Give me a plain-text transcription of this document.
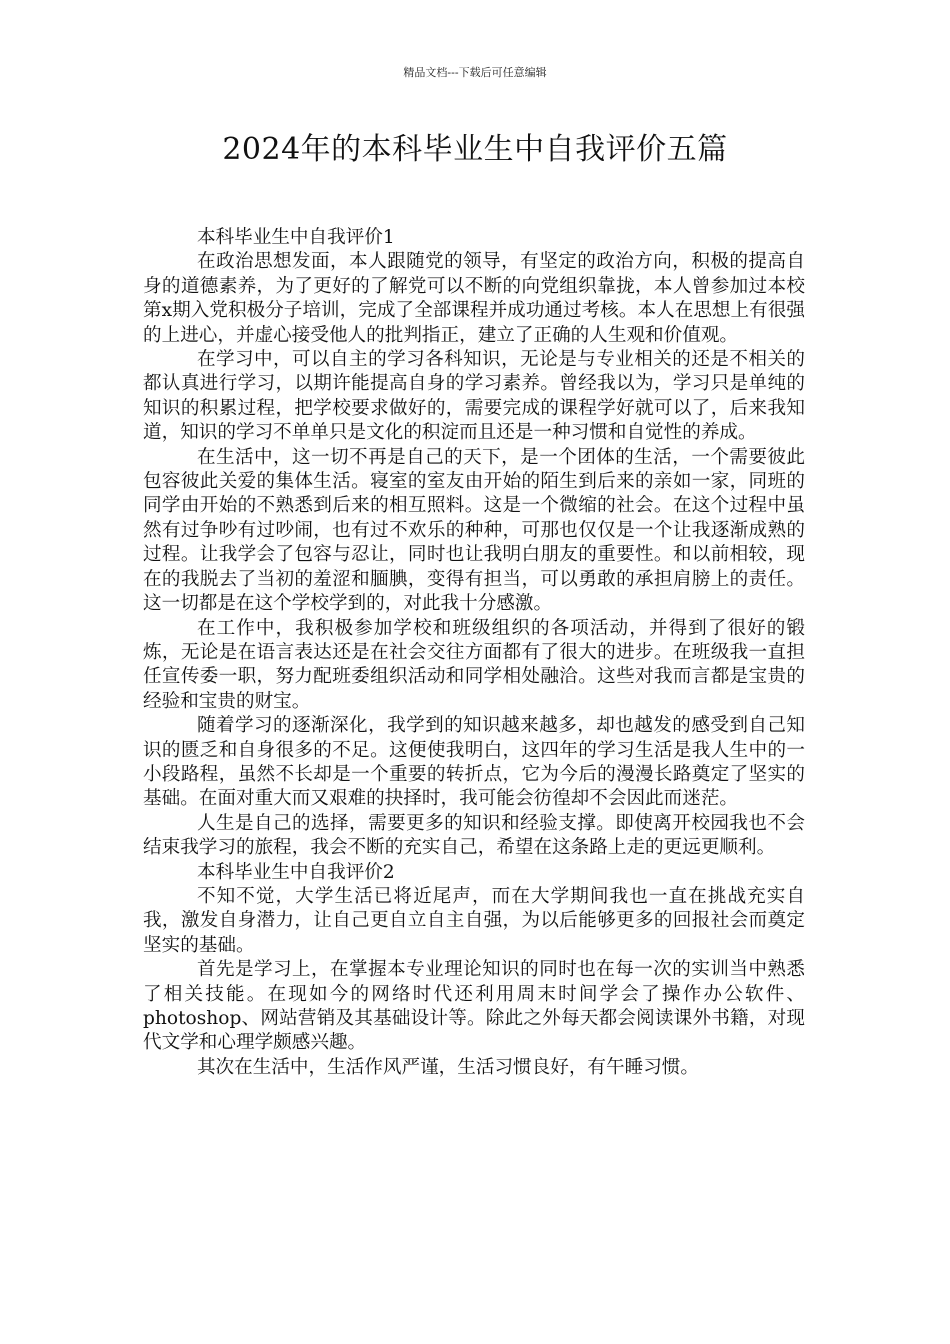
精品文档---下载后可任意编辑
2024年的本科毕业生中自我评价五篇

本科毕业生中自我评价1

在政治思想发面，本人跟随党的领导，有坚定的政治方向，积极的提高自身的道德素养，为了更好的了解党可以不断的向党组织靠拢，本人曾参加过本校第x期入党积极分子培训，完成了全部课程并成功通过考核。本人在思想上有很强的上进心，并虚心接受他人的批判指正，建立了正确的人生观和价值观。

在学习中，可以自主的学习各科知识，无论是与专业相关的还是不相关的都认真进行学习，以期许能提高自身的学习素养。曾经我以为，学习只是单纯的知识的积累过程，把学校要求做好的，需要完成的课程学好就可以了，后来我知道，知识的学习不单单只是文化的积淀而且还是一种习惯和自觉性的养成。

在生活中，这一切不再是自己的天下，是一个团体的生活，一个需要彼此包容彼此关爱的集体生活。寝室的室友由开始的陌生到后来的亲如一家，同班的同学由开始的不熟悉到后来的相互照料。这是一个微缩的社会。在这个过程中虽然有过争吵有过吵闹，也有过不欢乐的种种，可那也仅仅是一个让我逐渐成熟的过程。让我学会了包容与忍让，同时也让我明白朋友的重要性。和以前相较，现在的我脱去了当初的羞涩和腼腆，变得有担当，可以勇敢的承担肩膀上的责任。这一切都是在这个学校学到的，对此我十分感激。

在工作中，我积极参加学校和班级组织的各项活动，并得到了很好的锻炼，无论是在语言表达还是在社会交往方面都有了很大的进步。在班级我一直担任宣传委一职，努力配班委组织活动和同学相处融洽。这些对我而言都是宝贵的经验和宝贵的财宝。

随着学习的逐渐深化，我学到的知识越来越多，却也越发的感受到自己知识的匮乏和自身很多的不足。这便使我明白，这四年的学习生活是我人生中的一小段路程，虽然不长却是一个重要的转折点，它为今后的漫漫长路奠定了坚实的基础。在面对重大而又艰难的抉择时，我可能会彷徨却不会因此而迷茫。

人生是自己的选择，需要更多的知识和经验支撑。即使离开校园我也不会结束我学习的旅程，我会不断的充实自己，希望在这条路上走的更远更顺利。

本科毕业生中自我评价2

不知不觉，大学生活已将近尾声，而在大学期间我也一直在挑战充实自我，激发自身潜力，让自己更自立自主自强，为以后能够更多的回报社会而奠定坚实的基础。

首先是学习上，在掌握本专业理论知识的同时也在每一次的实训当中熟悉了相关技能。在现如今的网络时代还利用周末时间学会了操作办公软件、photoshop、网站营销及其基础设计等。除此之外每天都会阅读课外书籍，对现代文学和心理学颇感兴趣。

其次在生活中，生活作风严谨，生活习惯良好，有午睡习惯。
